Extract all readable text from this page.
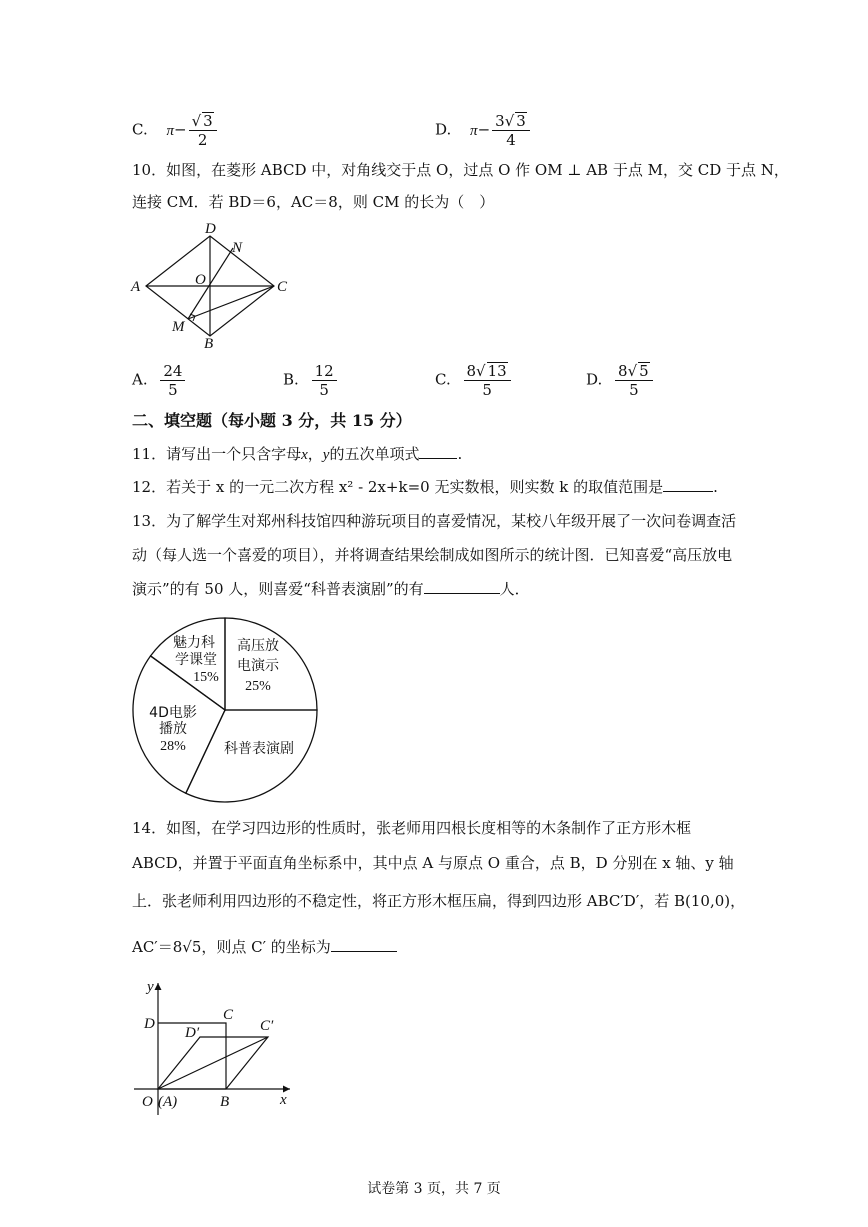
C. $\pi- \frac{√ 3}{2}$	D. $\pi- \frac{3√ 3}{4}$
10．如图，在菱形 ABCD 中，对角线交于点 O，过点 O 作 OM ⊥ AB 于点 M，交 CD 于点 N，
连接 CM．若 BD＝6，AC＝8，则 CM 的长为（　）
A
D
N
O	C
M
B
A. $\frac{24}{5}$	B. $\frac{12}{5}$	C. $\frac{8√ 13}{5}$	D. $\frac{8√ 5}{5}$
二、填空题（每小题 3 分，共 15 分）
11．请写出一个只含字母x，y的五次单项式	.
12．若关于 x 的一元二次方程 x² - 2x+k=0 无实数根，则实数 k 的取值范围是	.
13．为了解学生对郑州科技馆四种游玩项目的喜爱情况，某校八年级开展了一次问卷调查活
动（每人选一个喜爱的项目），并将调查结果绘制成如图所示的统计图．已知喜爱“高压放电
演示”的有 50 人，则喜爱“科普表演剧”的有	人．
高压放
电演示
25%
科普表演剧
4D电影
播放
28%
魅力科
学课堂
15%
14．如图，在学习四边形的性质时，张老师用四根长度相等的木条制作了正方形木框
ABCD，并置于平面直角坐标系中，其中点 A 与原点 O 重合，点 B，D 分别在 x 轴、y 轴
上．张老师利用四边形的不稳定性，将正方形木框压扁，得到四边形 ABC′D′，若 B(10,0)，
AC′＝8√5，则点 C′ 的坐标为
y
x
D
C
D′	C′
O (A)	B
试卷第 3 页，共 7 页
